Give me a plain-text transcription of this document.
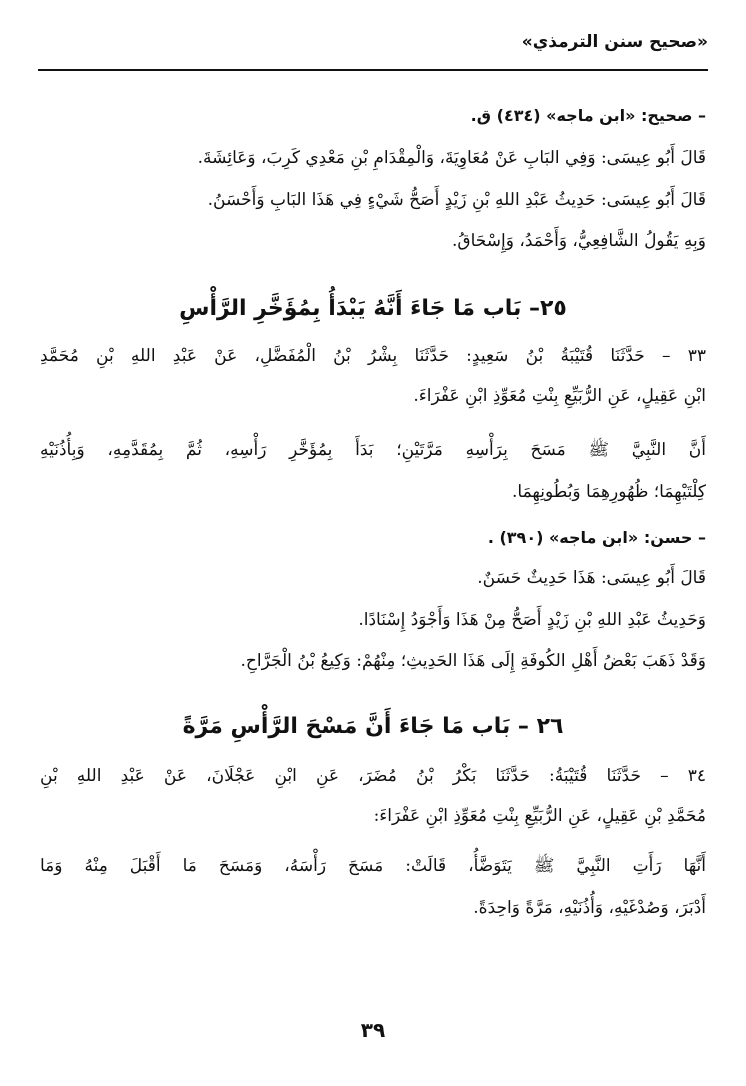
«صحيح سنن الترمذي»
– صحيح: «ابن ماجه» (٤٣٤) ق.
قَالَ أَبُو عِيسَى: وَفِي البَابِ عَنْ مُعَاوِيَةَ، وَالْمِقْدَامِ بْنِ مَعْدِي كَرِبَ، وَعَائِشَةَ.
قَالَ أَبُو عِيسَى: حَدِيثُ عَبْدِ اللهِ بْنِ زَيْدٍ أَصَحُّ شَيْءٍ فِي هَذَا البَابِ وَأَحْسَنُ.
وَبِهِ يَقُولُ الشَّافِعِيُّ، وَأَحْمَدُ، وَإِسْحَاقُ.
٢٥– بَاب مَا جَاءَ أَنَّهُ يَبْدَأُ بِمُؤَخَّرِ الرَّأْسِ
٣٣ – حَدَّثَنَا قُتَيْبَةُ بْنُ سَعِيدٍ: حَدَّثَنَا بِشْرُ بْنُ الْمُفَضَّلِ، عَنْ عَبْدِ اللهِ بْنِ مُحَمَّدِ
ابْنِ عَقِيلٍ، عَنِ الرُّبَيِّعِ بِنْتِ مُعَوِّذِ ابْنِ عَفْرَاءَ.
أَنَّ النَّبِيَّ ﷺ مَسَحَ بِرَأْسِهِ مَرَّتَيْنِ؛ بَدَأَ بِمُؤَخَّرِ رَأْسِهِ، ثُمَّ بِمُقَدَّمِهِ، وَبِأُذُنَيْهِ
كِلْتَيْهِمَا؛ ظُهُورِهِمَا وَبُطُونِهِمَا.
– حسن: «ابن ماجه» (٣٩٠) .
قَالَ أَبُو عِيسَى: هَذَا حَدِيثٌ حَسَنٌ.
وَحَدِيثُ عَبْدِ اللهِ بْنِ زَيْدٍ أَصَحُّ مِنْ هَذَا وَأَجْوَدُ إِسْنَادًا.
وَقَدْ ذَهَبَ بَعْضُ أَهْلِ الكُوفَةِ إِلَى هَذَا الحَدِيثِ؛ مِنْهُمْ: وَكِيعُ بْنُ الْجَرَّاحِ.
٢٦ – بَاب مَا جَاءَ أَنَّ مَسْحَ الرَّأْسِ مَرَّةً
٣٤ – حَدَّثَنَا قُتَيْبَةُ: حَدَّثَنَا بَكْرُ بْنُ مُضَرَ، عَنِ ابْنِ عَجْلَانَ، عَنْ عَبْدِ اللهِ بْنِ
مُحَمَّدِ بْنِ عَقِيلٍ، عَنِ الرُّبَيِّعِ بِنْتِ مُعَوِّذِ ابْنِ عَفْرَاءَ:
أَنَّهَا رَأَتِ النَّبِيَّ ﷺ يَتَوَضَّأُ، قَالَتْ: مَسَحَ رَأْسَهُ، وَمَسَحَ مَا أَقْبَلَ مِنْهُ وَمَا
أَدْبَرَ، وَصُدْغَيْهِ، وَأُذُنَيْهِ، مَرَّةً وَاحِدَةً.
٣٩
